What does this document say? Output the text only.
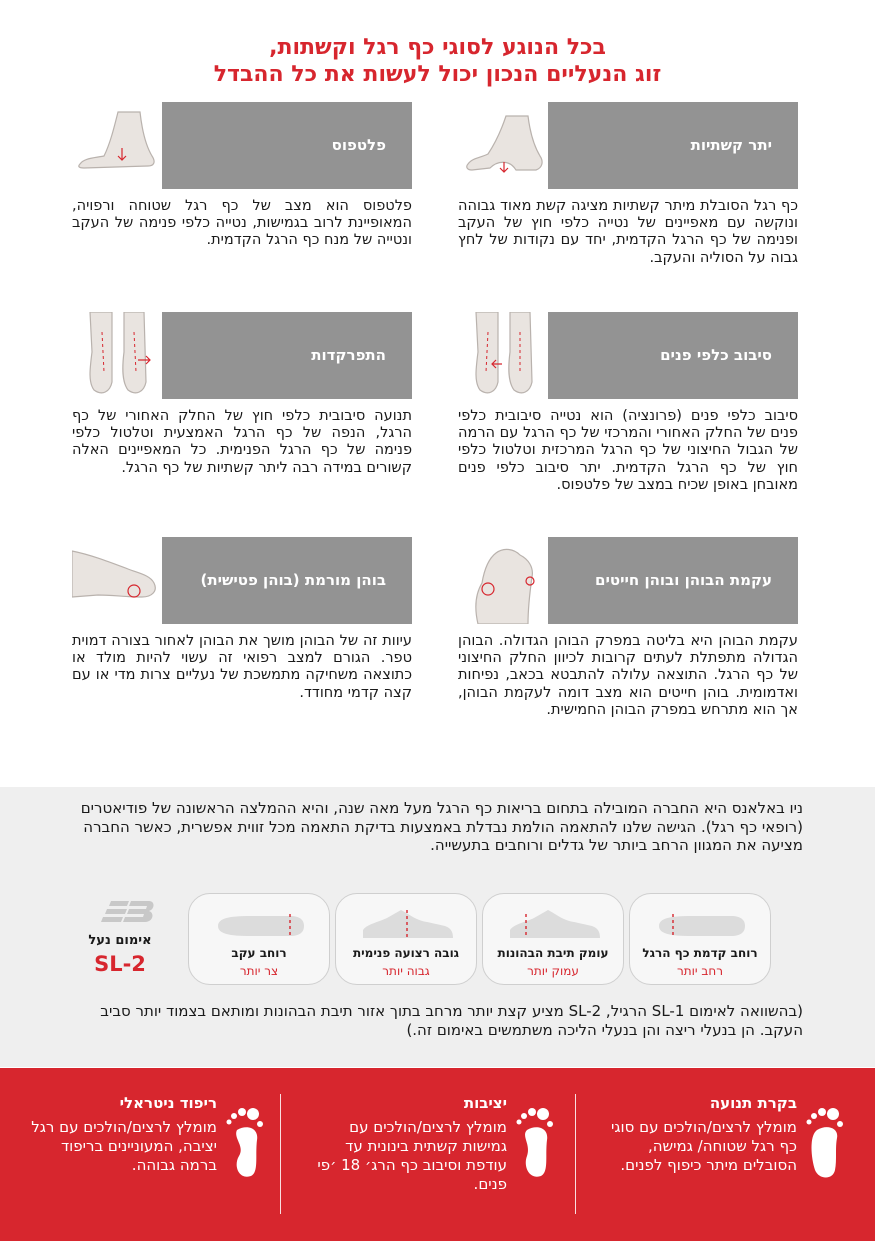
בכל הנוגע לסוגי כף רגל וקשתות,
זוג הנעליים הנכון יכול לעשות את כל ההבדל
יתר קשתיות
כף רגל הסובלת מיתר קשתיות מציגה קשת מאוד גבוהה ונוקשה עם מאפיינים של נטייה כלפי חוץ של העקב ופנימה של כף הרגל הקדמית, יחד עם נקודות של לחץ גבוה על הסוליה והעקב.
פלטפוס
פלטפוס הוא מצב של כף רגל שטוחה ורפויה, המאופיינת לרוב בגמישות, נטייה כלפי פנימה של העקב ונטייה של מנח כף הרגל הקדמית.
סיבוב כלפי פנים
סיבוב כלפי פנים (פרונציה) הוא נטייה סיבובית כלפי פנים של החלק האחורי והמרכזי של כף הרגל עם הרמה של הגבול החיצוני של כף הרגל המרכזית וטלטול כלפי חוץ של כף הרגל הקדמית. יתר סיבוב כלפי פנים מאובחן באופן שכיח במצב של פלטפוס.
התפרקדות
תנועה סיבובית כלפי חוץ של החלק האחורי של כף הרגל, הנפה של כף הרגל האמצעית וטלטול כלפי פנימה של כף הרגל הפנימית. כל המאפיינים האלה קשורים במידה רבה ליתר קשתיות של כף הרגל.
עקמת הבוהן ובוהן חייטים
עקמת הבוהן היא בליטה במפרק הבוהן הגדולה. הבוהן הגדולה מתפתלת לעתים קרובות לכיוון החלק החיצוני של כף הרגל. התוצאה עלולה להתבטא בכאב, נפיחות ואדמומית. בוהן חייטים הוא מצב דומה לעקמת הבוהן, אך הוא מתרחש במפרק הבוהן החמישית.
בוהן מורמת (בוהן פטישית)
עיוות זה של הבוהן מושך את הבוהן לאחור בצורה דמוית טפר. הגורם למצב רפואי זה עשוי להיות מולד או כתוצאה משחיקה מתמשכת של נעליים צרות מדי או עם קצה קדמי מחודד.
ניו באלאנס היא החברה המובילה בתחום בריאות כף הרגל מעל מאה שנה, והיא ההמלצה הראשונה של פודיאטרים (רופאי כף רגל). הגישה שלנו להתאמה הולמת נבדלת באמצעות בדיקת התאמה מכל זווית אפשרית, כאשר החברה מציעה את המגוון הרחב ביותר של גדלים ורוחבים בתעשייה.
רוחב קדמת כף הרגל
רחב יותר
עומק תיבת הבהונות
עמוק יותר
גובה רצועה פנימית
גבוה יותר
רוחב עקב
צר יותר
אימום נעל
SL-2
(בהשוואה לאימום SL-1 הרגיל, SL-2 מציע קצת יותר מרחב בתוך אזור תיבת הבהונות ומותאם בצמוד יותר סביב העקב. הן בנעלי ריצה והן בנעלי הליכה משתמשים באימום זה.)
בקרת תנועה
מומלץ לרצים/הולכים עם סוגי כף רגל שטוחה/ גמישה, הסובלים מיתר כיפוף לפנים.
יציבות
מומלץ לרצים/הולכים עם גמישות קשתית בינונית עד עודפת וסיבוב כף הרג׳ 18 ׳פי פנים.
ריפוד ניטראלי
מומלץ לרצים/הולכים עם רגל יציבה, המעוניינים בריפוד ברמה גבוהה.
